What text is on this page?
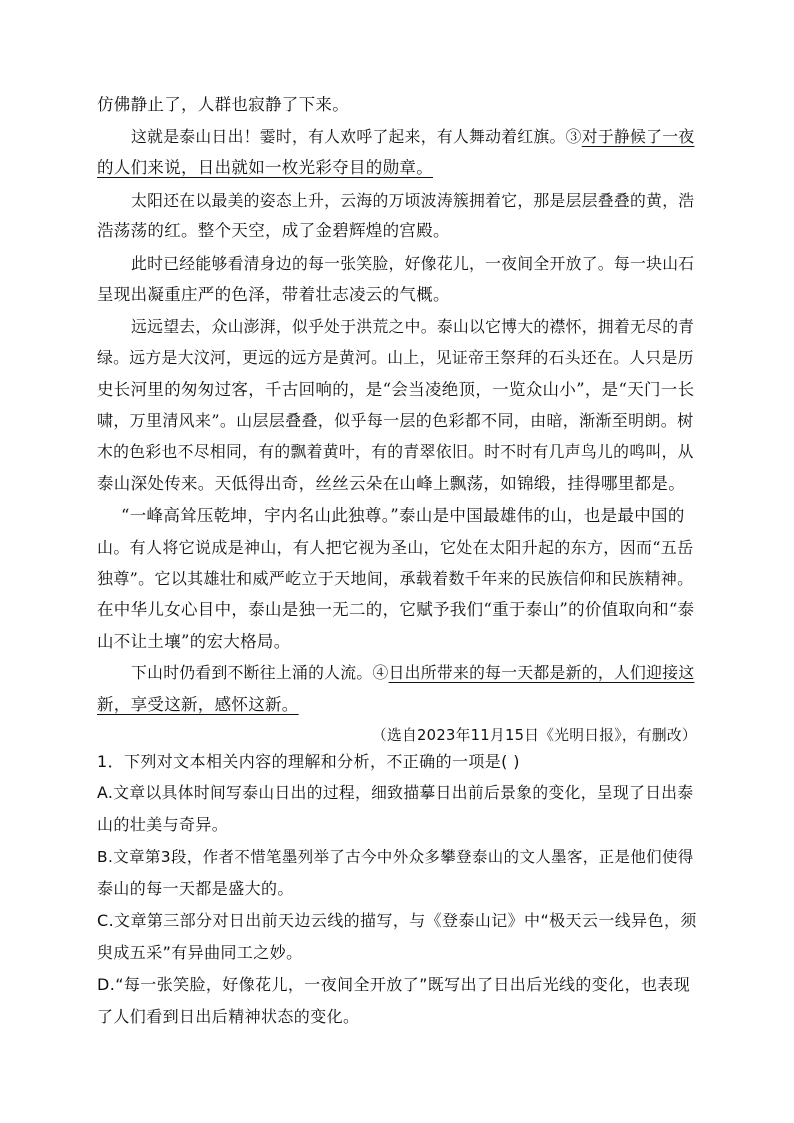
仿佛静止了，人群也寂静了下来。
这就是泰山日出！霎时，有人欢呼了起来，有人舞动着红旗。③对于静候了一夜
的人们来说，日出就如一枚光彩夺目的勋章。
太阳还在以最美的姿态上升，云海的万顷波涛簇拥着它，那是层层叠叠的黄，浩
浩荡荡的红。整个天空，成了金碧辉煌的宫殿。
此时已经能够看清身边的每一张笑脸，好像花儿，一夜间全开放了。每一块山石
呈现出凝重庄严的色泽，带着壮志凌云的气概。
远远望去，众山澎湃，似乎处于洪荒之中。泰山以它博大的襟怀，拥着无尽的青
绿。远方是大汶河，更远的远方是黄河。山上，见证帝王祭拜的石头还在。人只是历
史长河里的匆匆过客，千古回响的，是“会当凌绝顶，一览众山小”，是“天门一长
啸，万里清风来”。山层层叠叠，似乎每一层的色彩都不同，由暗，渐渐至明朗。树
木的色彩也不尽相同，有的飘着黄叶，有的青翠依旧。时不时有几声鸟儿的鸣叫，从
泰山深处传来。天低得出奇，丝丝云朵在山峰上飘荡，如锦缎，挂得哪里都是。
“一峰高耸压乾坤，宇内名山此独尊。”泰山是中国最雄伟的山，也是最中国的
山。有人将它说成是神山，有人把它视为圣山，它处在太阳升起的东方，因而“五岳
独尊”。它以其雄壮和威严屹立于天地间，承载着数千年来的民族信仰和民族精神。
在中华儿女心目中，泰山是独一无二的，它赋予我们“重于泰山”的价值取向和“泰
山不让土壤”的宏大格局。
下山时仍看到不断往上涌的人流。④日出所带来的每一天都是新的，人们迎接这
新，享受这新，感怀这新。
（选自2023年11月15日《光明日报》，有删改）
1．下列对文本相关内容的理解和分析，不正确的一项是( )
A.文章以具体时间写泰山日出的过程，细致描摹日出前后景象的变化，呈现了日出泰
山的壮美与奇异。
B.文章第3段，作者不惜笔墨列举了古今中外众多攀登泰山的文人墨客，正是他们使得
泰山的每一天都是盛大的。
C.文章第三部分对日出前天边云线的描写，与《登泰山记》中“极天云一线异色，须
臾成五采”有异曲同工之妙。
D.“每一张笑脸，好像花儿，一夜间全开放了”既写出了日出后光线的变化，也表现
了人们看到日出后精神状态的变化。
